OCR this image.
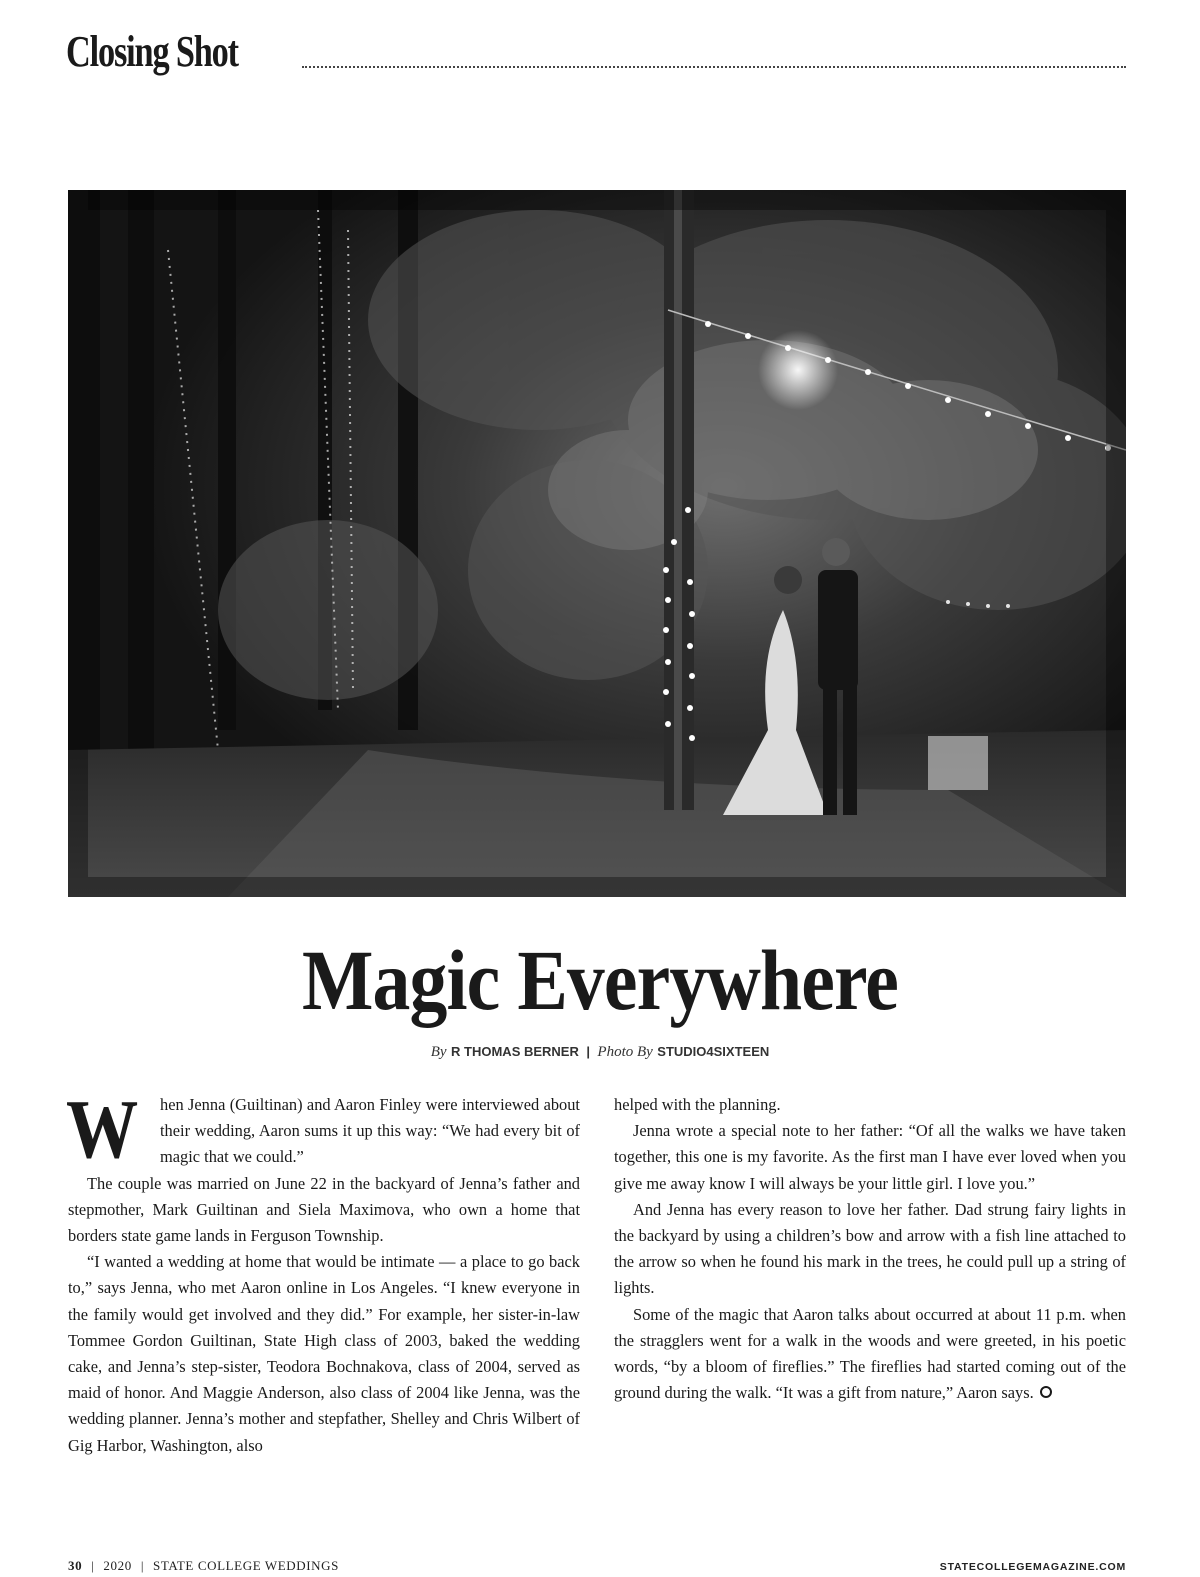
Closing Shot
Magic Everywhere
By R THOMAS BERNER | Photo By STUDIO4SIXTEEN

W hen Jenna (Guiltinan) and Aaron Finley were interviewed about their wedding, Aaron sums it up this way: “We had every bit of magic that we could.”

The couple was married on June 22 in the backyard of Jenna’s father and stepmother, Mark Guiltinan and Siela Maximova, who own a home that borders state game lands in Ferguson Township.

“I wanted a wedding at home that would be intimate — a place to go back to,” says Jenna, who met Aaron online in Los Angeles. “I knew everyone in the family would get involved and they did.” For example, her sister-in-law Tommee Gordon Guiltinan, State High class of 2003, baked the wedding cake, and Jenna’s step-sister, Teodora Bochnakova, class of 2004, served as maid of honor. And Maggie Anderson, also class of 2004 like Jenna, was the wedding planner. Jenna’s mother and stepfather, Shelley and Chris Wilbert of Gig Harbor, Washington, also

helped with the planning.

Jenna wrote a special note to her father: “Of all the walks we have taken together, this one is my favorite. As the first man I have ever loved when you give me away know I will always be your little girl. I love you.”

And Jenna has every reason to love her father. Dad strung fairy lights in the backyard by using a children’s bow and arrow with a fish line attached to the arrow so when he found his mark in the trees, he could pull up a string of lights.

Some of the magic that Aaron talks about occurred at about 11 p.m. when the stragglers went for a walk in the woods and were greeted, in his poetic words, “by a bloom of fireflies.” The fireflies had started coming out of the ground during the walk. “It was a gift from nature,” Aaron says.

30 | 2020 | STATE COLLEGE WEDDINGS	STATECOLLEGEMAGAZINE.COM
